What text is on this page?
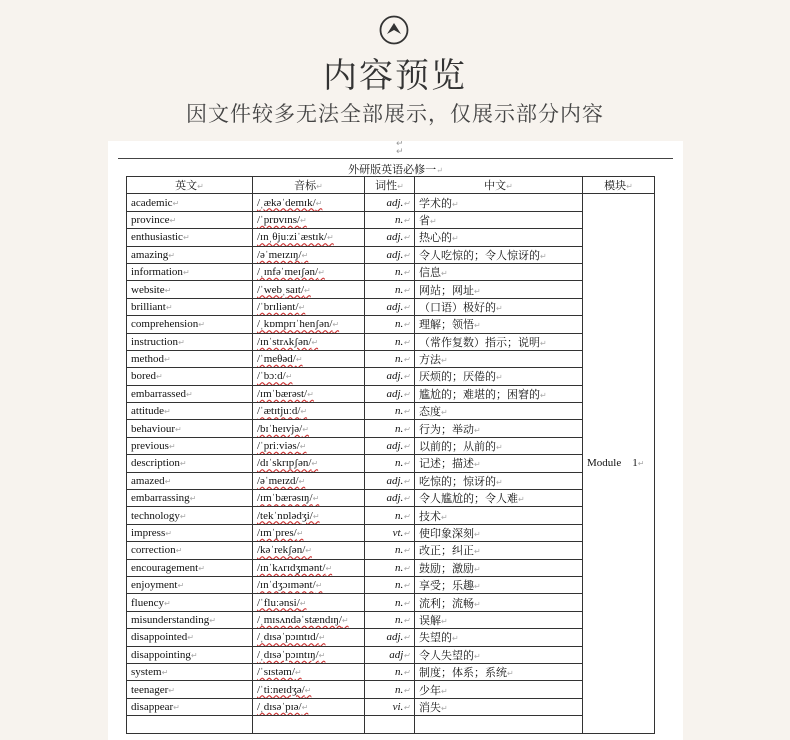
内容预览
因文件较多无法全部展示，仅展示部分内容
↵
↵
外研版英语必修一↵
英文↵	音标↵	词性↵	中文↵	模块↵
academic↵	/ˌækəˈdemɪk/↵	adj.↵	学术的↵	Module    1↵
province↵	/ˈprɒvɪns/↵	n.↵	省↵	
enthusiastic↵	/ɪnˌθjuːziˈæstɪk/↵	adj.↵	热心的↵	
amazing↵	/əˈmeɪzɪŋ/↵	adj.↵	令人吃惊的；令人惊讶的↵	
information↵	/ˌɪnfəˈmeɪʃən/↵	n.↵	信息↵	
website↵	/ˈwebˌsaɪt/↵	n.↵	网站；网址↵	
brilliant↵	/ˈbrɪliənt/↵	adj.↵	（口语）极好的↵	
comprehension↵	/ˌkɒmprɪˈhenʃən/↵	n.↵	理解；领悟↵	
instruction↵	/ɪnˈstrʌkʃən/↵	n.↵	（常作复数）指示；说明↵	
method↵	/ˈmeθəd/↵	n.↵	方法↵	
bored↵	/ˈbɔːd/↵	adj.↵	厌烦的；厌倦的↵	
embarrassed↵	/ɪmˈbærəst/↵	adj.↵	尴尬的；难堪的；困窘的↵	
attitude↵	/ˈætɪtjuːd/↵	n.↵	态度↵	
behaviour↵	/bɪˈheɪvjə/↵	n.↵	行为；举动↵	
previous↵	/ˈpriːviəs/↵	adj.↵	以前的；从前的↵	
description↵	/dɪˈskrɪpʃən/↵	n.↵	记述；描述↵	
amazed↵	/əˈmeɪzd/↵	adj.↵	吃惊的；惊讶的↵	
embarrassing↵	/ɪmˈbærəsɪŋ/↵	adj.↵	令人尴尬的；令人难↵	
technology↵	/tekˈnɒlədʒi/↵	n.↵	技术↵	
impress↵	/ɪmˈpres/↵	vt.↵	使印象深刻↵	
correction↵	/kəˈrekʃən/↵	n.↵	改正；纠正↵	
encouragement↵	/ɪnˈkʌrɪdʒmənt/↵	n.↵	鼓励；激励↵	
enjoyment↵	/ɪnˈdʒɔɪmənt/↵	n.↵	享受；乐趣↵	
fluency↵	/ˈfluːənsi/↵	n.↵	流利；流畅↵	
misunderstanding↵	/ˌmɪsʌndəˈstændɪŋ/↵	n.↵	误解↵	
disappointed↵	/ˌdɪsəˈpɔɪntɪd/↵	adj.↵	失望的↵	
disappointing↵	/ˌdɪsəˈpɔɪntɪŋ/↵	adj↵	令人失望的↵	
system↵	/ˈsɪstəm/↵	n.↵	制度；体系；系统↵	
teenager↵	/ˈtiːneɪdʒə/↵	n.↵	少年↵	
disappear↵	/ˌdɪsəˈpɪə/↵	vi.↵	消失↵	
